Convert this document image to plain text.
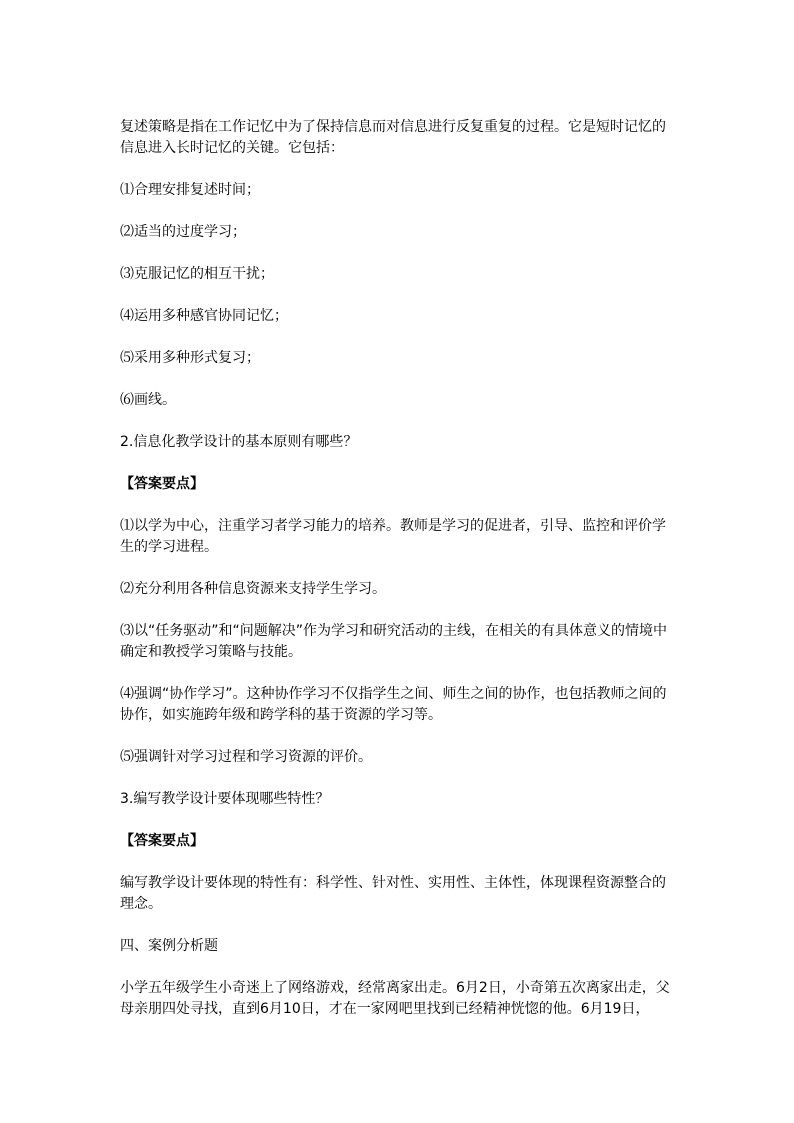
复述策略是指在工作记忆中为了保持信息而对信息进行反复重复的过程。它是短时记忆的信息进入长时记忆的关键。它包括：

⑴合理安排复述时间；

⑵适当的过度学习；

⑶克服记忆的相互干扰；

⑷运用多种感官协同记忆；

⑸采用多种形式复习；

⑹画线。

2.信息化教学设计的基本原则有哪些？

【答案要点】

⑴以学为中心，注重学习者学习能力的培养。教师是学习的促进者，引导、监控和评价学生的学习进程。

⑵充分利用各种信息资源来支持学生学习。

⑶以“任务驱动”和“问题解决”作为学习和研究活动的主线，在相关的有具体意义的情境中确定和教授学习策略与技能。

⑷强调“协作学习”。这种协作学习不仅指学生之间、师生之间的协作，也包括教师之间的协作，如实施跨年级和跨学科的基于资源的学习等。

⑸强调针对学习过程和学习资源的评价。

3.编写教学设计要体现哪些特性？

【答案要点】

编写教学设计要体现的特性有：科学性、针对性、实用性、主体性，体现课程资源整合的理念。

四、案例分析题

小学五年级学生小奇迷上了网络游戏，经常离家出走。6月2日，小奇第五次离家出走，父母亲朋四处寻找，直到6月10日，才在一家网吧里找到已经精神恍惚的他。6月19日，
